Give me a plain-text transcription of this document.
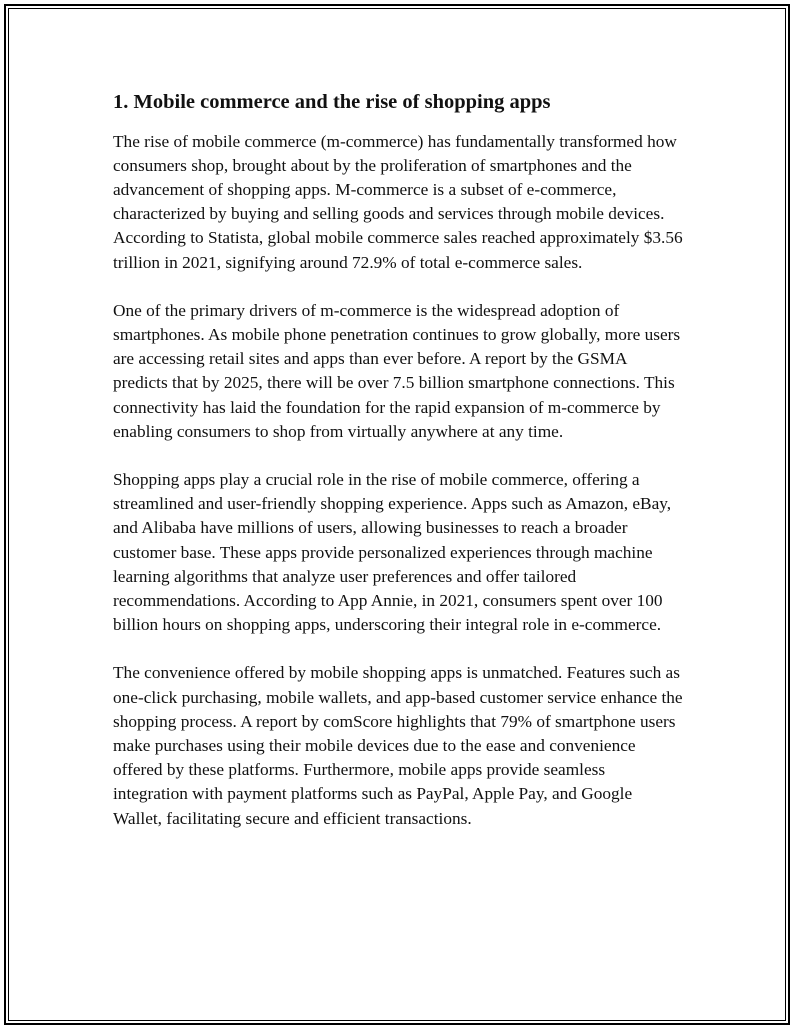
1. Mobile commerce and the rise of shopping apps

The rise of mobile commerce (m-commerce) has fundamentally transformed how consumers shop, brought about by the proliferation of smartphones and the advancement of shopping apps. M-commerce is a subset of e-commerce, characterized by buying and selling goods and services through mobile devices. According to Statista, global mobile commerce sales reached approximately $3.56 trillion in 2021, signifying around 72.9% of total e-commerce sales.

One of the primary drivers of m-commerce is the widespread adoption of smartphones. As mobile phone penetration continues to grow globally, more users are accessing retail sites and apps than ever before. A report by the GSMA predicts that by 2025, there will be over 7.5 billion smartphone connections. This connectivity has laid the foundation for the rapid expansion of m-commerce by enabling consumers to shop from virtually anywhere at any time.

Shopping apps play a crucial role in the rise of mobile commerce, offering a streamlined and user-friendly shopping experience. Apps such as Amazon, eBay, and Alibaba have millions of users, allowing businesses to reach a broader customer base. These apps provide personalized experiences through machine learning algorithms that analyze user preferences and offer tailored recommendations. According to App Annie, in 2021, consumers spent over 100 billion hours on shopping apps, underscoring their integral role in e-commerce.

The convenience offered by mobile shopping apps is unmatched. Features such as one-click purchasing, mobile wallets, and app-based customer service enhance the shopping process. A report by comScore highlights that 79% of smartphone users make purchases using their mobile devices due to the ease and convenience offered by these platforms. Furthermore, mobile apps provide seamless integration with payment platforms such as PayPal, Apple Pay, and Google Wallet, facilitating secure and efficient transactions.
